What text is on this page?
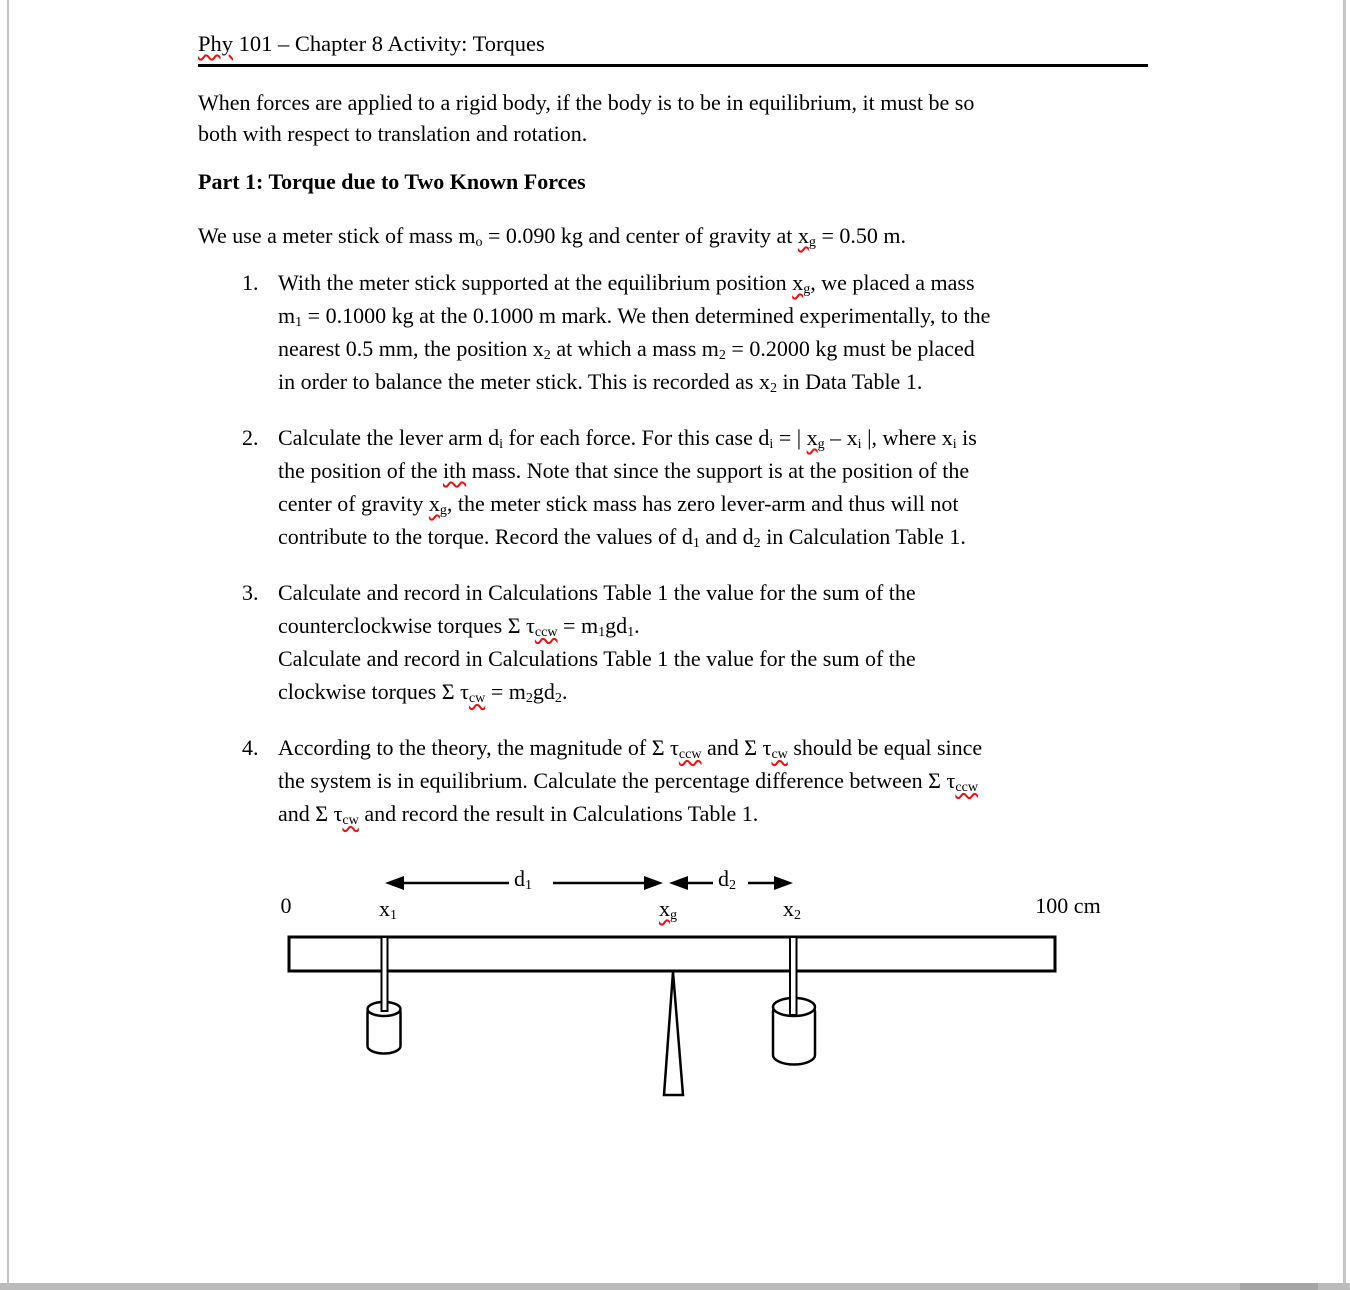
Phy 101 – Chapter 8 Activity: Torques

When forces are applied to a rigid body, if the body is to be in equilibrium, it must be so
both with respect to translation and rotation.

Part 1: Torque due to Two Known Forces

We use a meter stick of mass $m_o = 0.090$ kg and center of gravity at $x_g = 0.50$ m.

1. With the meter stick supported at the equilibrium position $x_g$, we placed a mass
$m_1 = 0.1000$ kg at the 0.1000 m mark. We then determined experimentally, to the
nearest 0.5 mm, the position $x_2$ at which a mass $m_2 = 0.2000$ kg must be placed
in order to balance the meter stick. This is recorded as $x_2$ in Data Table 1.
2. Calculate the lever arm $d_i$ for each force. For this case $d_i$ = | $x_g - x_i$ |, where $x_i$ is
the position of the ith mass. Note that since the support is at the position of the
center of gravity $x_g$, the meter stick mass has zero lever-arm and thus will not
contribute to the torque. Record the values of $d_1$ and $d_2$ in Calculation Table 1.
3. Calculate and record in Calculations Table 1 the value for the sum of the
counterclockwise torques Σ $\tau_{ccw} = m_1gd_1$.
Calculate and record in Calculations Table 1 the value for the sum of the
clockwise torques Σ $\tau_{cw} = m_2gd_2$.
4. According to the theory, the magnitude of Σ $\tau_{ccw}$ and Σ $\tau_{cw}$ should be equal since
the system is in equilibrium. Calculate the percentage difference between Σ $\tau_{ccw}$
and Σ $\tau_{cw}$ and record the result in Calculations Table 1.
$d_1$	$d_2$
0	$x_1$	$x_g$	$x_2$	100 cm
